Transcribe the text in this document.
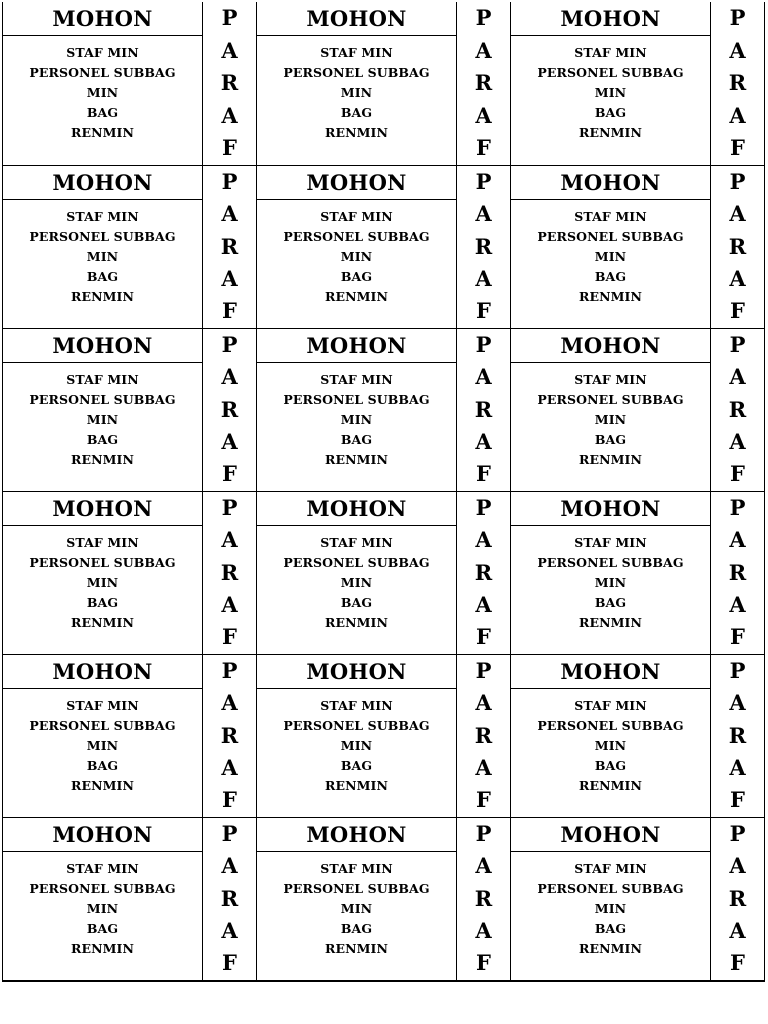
MOHON
STAF MIN
PERSONEL SUBBAG
MIN
BAG
RENMIN
P
A
R
A
F
MOHON
STAF MIN
PERSONEL SUBBAG
MIN
BAG
RENMIN
P
A
R
A
F
MOHON
STAF MIN
PERSONEL SUBBAG
MIN
BAG
RENMIN
P
A
R
A
F
MOHON
STAF MIN
PERSONEL SUBBAG
MIN
BAG
RENMIN
P
A
R
A
F
MOHON
STAF MIN
PERSONEL SUBBAG
MIN
BAG
RENMIN
P
A
R
A
F
MOHON
STAF MIN
PERSONEL SUBBAG
MIN
BAG
RENMIN
P
A
R
A
F
MOHON
STAF MIN
PERSONEL SUBBAG
MIN
BAG
RENMIN
P
A
R
A
F
MOHON
STAF MIN
PERSONEL SUBBAG
MIN
BAG
RENMIN
P
A
R
A
F
MOHON
STAF MIN
PERSONEL SUBBAG
MIN
BAG
RENMIN
P
A
R
A
F
MOHON
STAF MIN
PERSONEL SUBBAG
MIN
BAG
RENMIN
P
A
R
A
F
MOHON
STAF MIN
PERSONEL SUBBAG
MIN
BAG
RENMIN
P
A
R
A
F
MOHON
STAF MIN
PERSONEL SUBBAG
MIN
BAG
RENMIN
P
A
R
A
F
MOHON
STAF MIN
PERSONEL SUBBAG
MIN
BAG
RENMIN
P
A
R
A
F
MOHON
STAF MIN
PERSONEL SUBBAG
MIN
BAG
RENMIN
P
A
R
A
F
MOHON
STAF MIN
PERSONEL SUBBAG
MIN
BAG
RENMIN
P
A
R
A
F
MOHON
STAF MIN
PERSONEL SUBBAG
MIN
BAG
RENMIN
P
A
R
A
F
MOHON
STAF MIN
PERSONEL SUBBAG
MIN
BAG
RENMIN
P
A
R
A
F
MOHON
STAF MIN
PERSONEL SUBBAG
MIN
BAG
RENMIN
P
A
R
A
F
